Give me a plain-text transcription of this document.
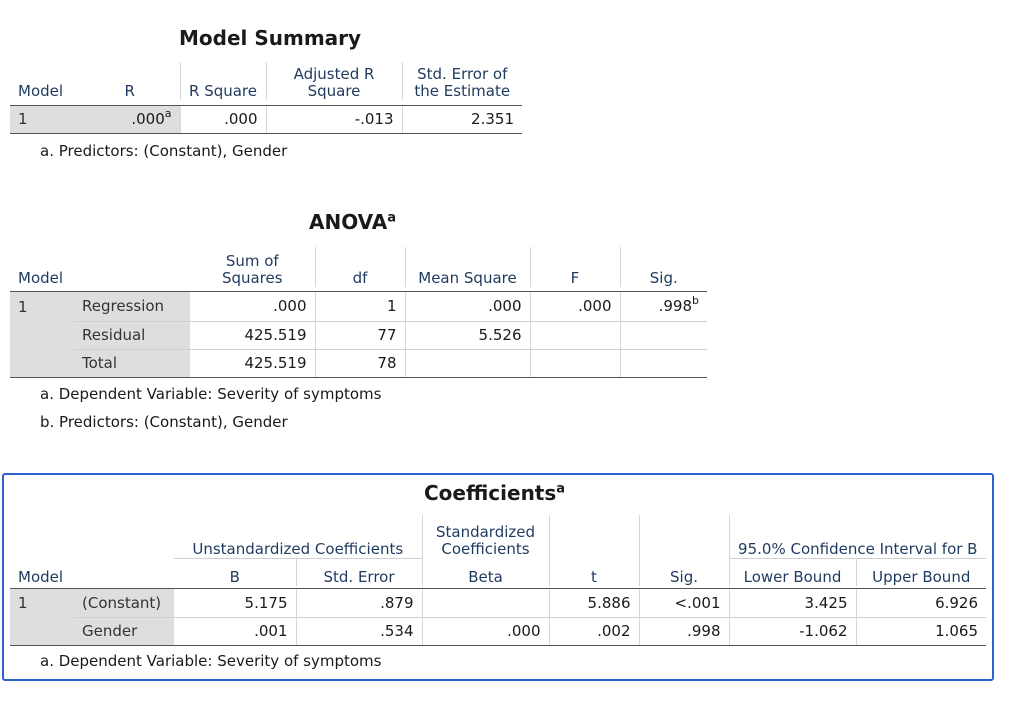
Model Summary
Model	R	R Square	Adjusted R Square	Std. Error of the Estimate

1	.000$^a$	.000	-.013	2.351

a. Predictors: (Constant), Gender
ANOVA$^a$
Model		Sum of Squares	df	Mean Square	F	Sig.

1	Regression	.000	1	.000	.000	.998$^b$
	Residual	425.519	77	5.526		
	Total	425.519	78			

a. Dependent Variable: Severity of symptoms
b. Predictors: (Constant), Gender
Coefficients$^a$
		Unstandardized Coefficients		Standardized Coefficients			95.0% Confidence Interval for B	
Model		B	Std. Error	Beta	t	Sig.	Lower Bound	Upper Bound

1	(Constant)	5.175	.879		5.886	<.001	3.425	6.926
	Gender	.001	.534	.000	.002	.998	-1.062	1.065

a. Dependent Variable: Severity of symptoms
